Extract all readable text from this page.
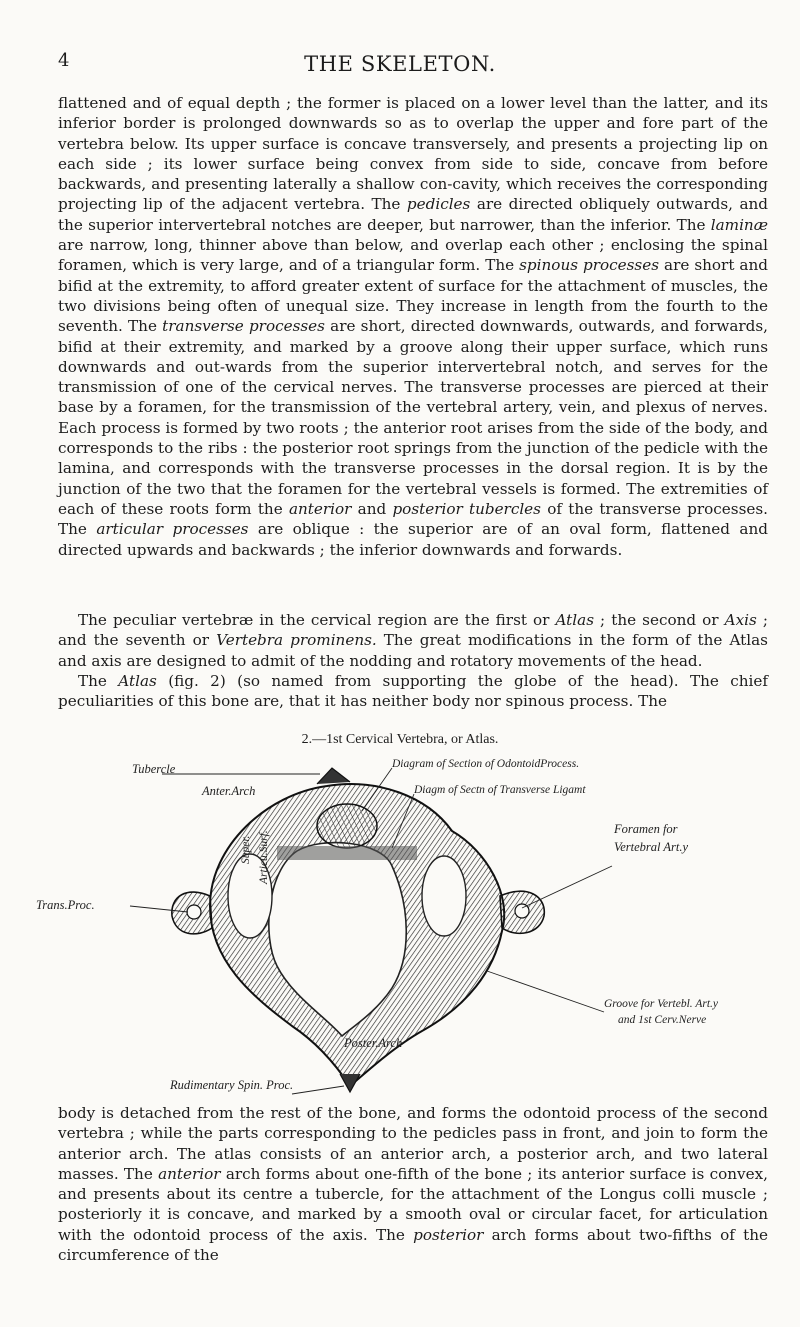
4	THE SKELETON.

flattened and of equal depth ; the former is placed on a lower level than the latter, and its inferior border is prolonged downwards so as to overlap the upper and fore part of the vertebra below. Its upper surface is concave transversely, and presents a projecting lip on each side ; its lower surface being convex from side to side, concave from before backwards, and presenting laterally a shallow con-cavity, which receives the corresponding projecting lip of the adjacent vertebra. The pedicles are directed obliquely outwards, and the superior intervertebral notches are deeper, but narrower, than the inferior. The laminæ are narrow, long, thinner above than below, and overlap each other ; enclosing the spinal foramen, which is very large, and of a triangular form. The spinous processes are short and bifid at the extremity, to afford greater extent of surface for the attachment of muscles, the two divisions being often of unequal size. They increase in length from the fourth to the seventh. The transverse processes are short, directed downwards, outwards, and forwards, bifid at their extremity, and marked by a groove along their upper surface, which runs downwards and out-wards from the superior intervertebral notch, and serves for the transmission of one of the cervical nerves. The transverse processes are pierced at their base by a foramen, for the transmission of the vertebral artery, vein, and plexus of nerves. Each process is formed by two roots ; the anterior root arises from the side of the body, and corresponds to the ribs : the posterior root springs from the junction of the pedicle with the lamina, and corresponds with the transverse processes in the dorsal region. It is by the junction of the two that the foramen for the vertebral vessels is formed. The extremities of each of these roots form the anterior and posterior tubercles of the transverse processes. The articular processes are oblique : the superior are of an oval form, flattened and directed upwards and backwards ; the inferior downwards and forwards.

The peculiar vertebræ in the cervical region are the first or Atlas ; the second or Axis ; and the seventh or Vertebra prominens. The great modifications in the form of the Atlas and axis are designed to admit of the nodding and rotatory movements of the head.

The Atlas (fig. 2) (so named from supporting the globe of the head). The chief peculiarities of this bone are, that it has neither body nor spinous process. The

2.—1st Cervical Vertebra, or Atlas.
Tubercle
Anter.Arch
Diagram of Section of OdontoidProcess.
Diagm of Sectn of Transverse Ligamt
Foramen for
Vertebral Art.y
Trans.Proc.
Super. Articu.Surf.
Groove for Vertebl. Art.y
and 1st Cerv.Nerve
Poster.Arch
Rudimentary Spin. Proc.

body is detached from the rest of the bone, and forms the odontoid process of the second vertebra ; while the parts corresponding to the pedicles pass in front, and join to form the anterior arch. The atlas consists of an anterior arch, a posterior arch, and two lateral masses. The anterior arch forms about one-fifth of the bone ; its anterior surface is convex, and presents about its centre a tubercle, for the attachment of the Longus colli muscle ; posteriorly it is concave, and marked by a smooth oval or circular facet, for articulation with the odontoid process of the axis. The posterior arch forms about two-fifths of the circumference of the
